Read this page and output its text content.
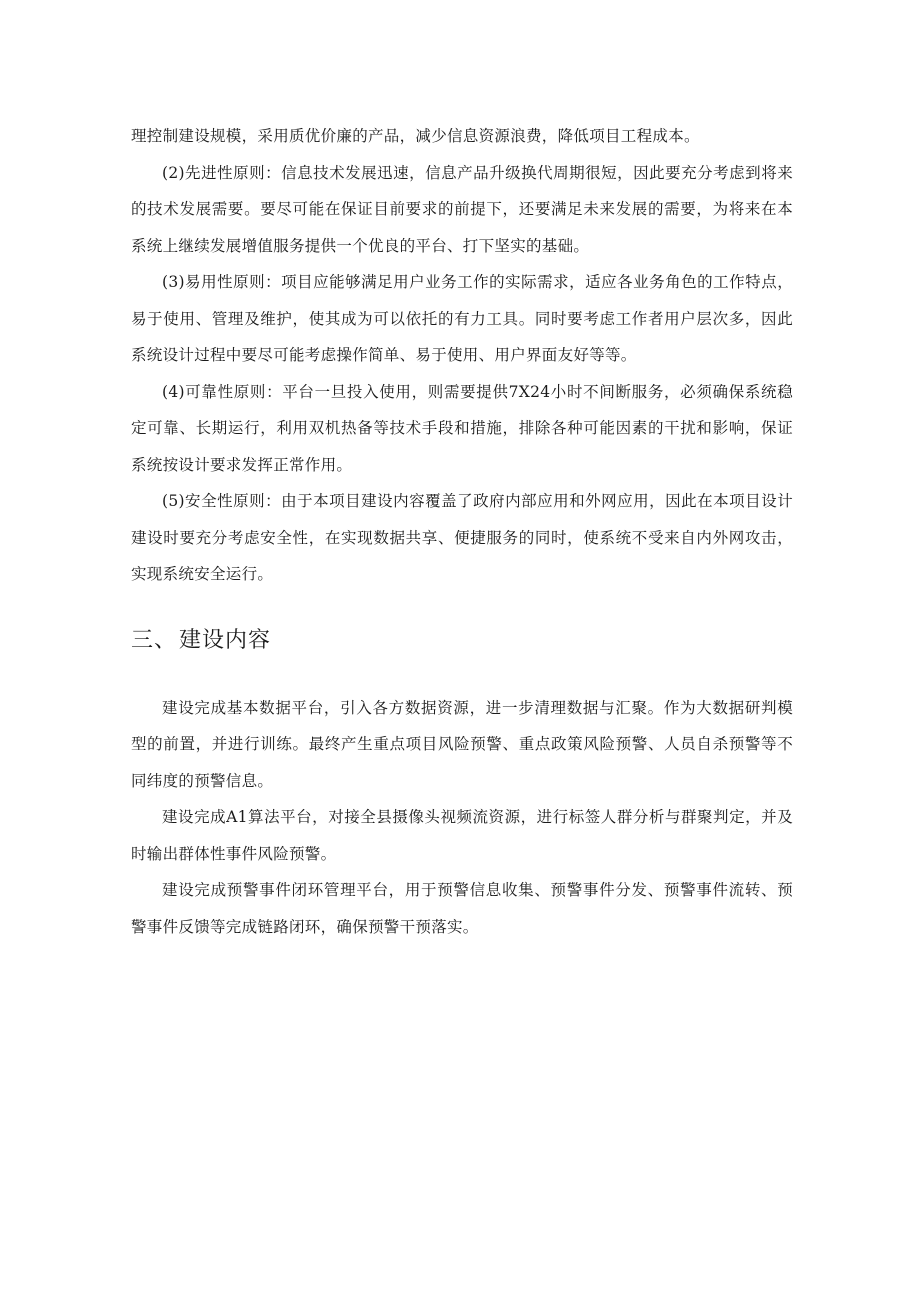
理控制建设规模，采用质优价廉的产品，减少信息资源浪费，降低项目工程成本。

(2)先进性原则：信息技术发展迅速，信息产品升级换代周期很短，因此要充分考虑到将来的技术发展需要。要尽可能在保证目前要求的前提下，还要满足未来发展的需要，为将来在本系统上继续发展增值服务提供一个优良的平台、打下坚实的基础。

(3)易用性原则：项目应能够满足用户业务工作的实际需求，适应各业务角色的工作特点，易于使用、管理及维护，使其成为可以依托的有力工具。同时要考虑工作者用户层次多，因此系统设计过程中要尽可能考虑操作简单、易于使用、用户界面友好等等。

(4)可靠性原则：平台一旦投入使用，则需要提供7X24小时不间断服务，必须确保系统稳定可靠、长期运行，利用双机热备等技术手段和措施，排除各种可能因素的干扰和影响，保证系统按设计要求发挥正常作用。

(5)安全性原则：由于本项目建设内容覆盖了政府内部应用和外网应用，因此在本项目设计建设时要充分考虑安全性，在实现数据共享、便捷服务的同时，使系统不受来自内外网攻击，实现系统安全运行。

三、建设内容

建设完成基本数据平台，引入各方数据资源，进一步清理数据与汇聚。作为大数据研判模型的前置，并进行训练。最终产生重点项目风险预警、重点政策风险预警、人员自杀预警等不同纬度的预警信息。

建设完成A1算法平台，对接全县摄像头视频流资源，进行标签人群分析与群聚判定，并及时输出群体性事件风险预警。

建设完成预警事件闭环管理平台，用于预警信息收集、预警事件分发、预警事件流转、预警事件反馈等完成链路闭环，确保预警干预落实。
